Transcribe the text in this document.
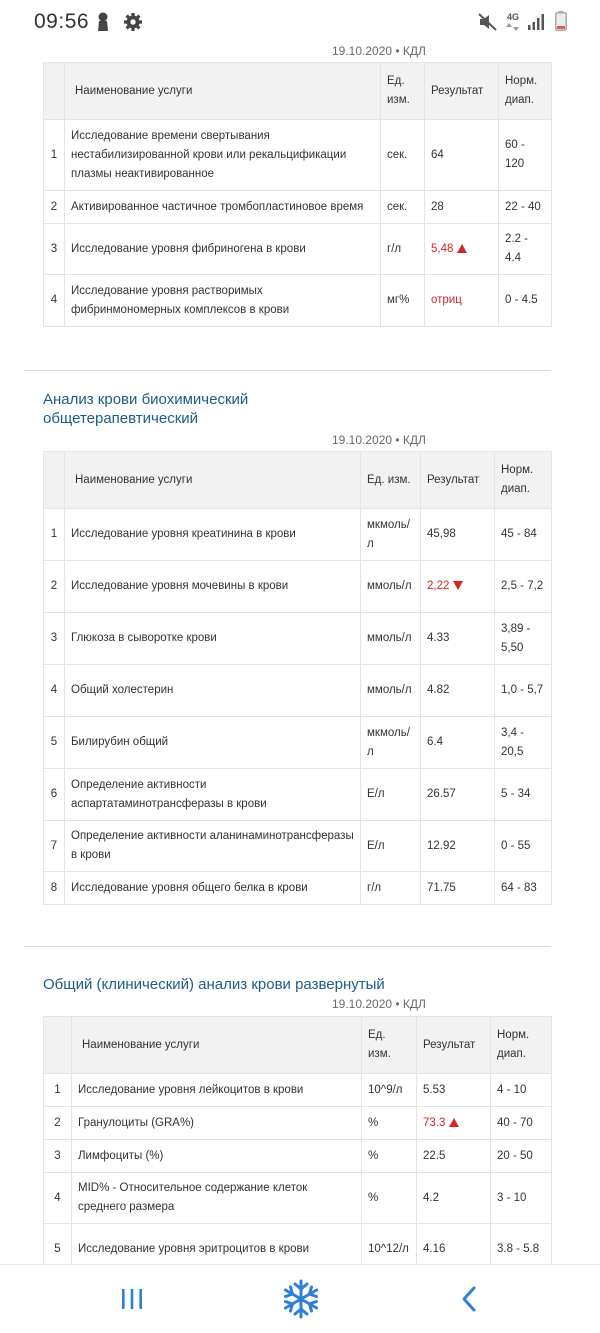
09:56	4G
19.10.2020 • КДЛ
	Наименование услуги	Ед. изм.	Результат	Норм. диап.
1	Исследование времени свертывания нестабилизированной крови или рекальцификации плазмы неактивированное	сек.	64	60 - 120
2	Активированное частичное тромбопластиновое время	сек.	28	22 - 40
3	Исследование уровня фибриногена в крови	г/л	5,48	2.2 - 4.4
4	Исследование уровня растворимых фибринмономерных комплексов в крови	мг%	отриц	0 - 4.5
Анализ крови биохимический общетерапевтический
19.10.2020 • КДЛ
	Наименование услуги	Ед. изм.	Результат	Норм. диап.
1	Исследование уровня креатинина в крови	мкмоль/л	45,98	45 - 84
2	Исследование уровня мочевины в крови	ммоль/л	2,22	2,5 - 7,2
3	Глюкоза в сыворотке крови	ммоль/л	4.33	3,89 - 5,50
4	Общий холестерин	ммоль/л	4.82	1,0 - 5,7
5	Билирубин общий	мкмоль/л	6.4	3,4 - 20,5
6	Определение активности аспартатаминотрансферазы в крови	Е/л	26.57	5 - 34
7	Определение активности аланинаминотрансферазы в крови	Е/л	12.92	0 - 55
8	Исследование уровня общего белка в крови	г/л	71.75	64 - 83
Общий (клинический) анализ крови развернутый
19.10.2020 • КДЛ
	Наименование услуги	Ед. изм.	Результат	Норм. диап.
1	Исследование уровня лейкоцитов в крови	10^9/л	5.53	4 - 10
2	Гранулоциты (GRA%)	%	73.3	40 - 70
3	Лимфоциты (%)	%	22.5	20 - 50
4	MID% - Относительное содержание клеток среднего размера	%	4.2	3 - 10
5	Исследование уровня эритроцитов в крови	10^12/л	4.16	3.8 - 5.8
